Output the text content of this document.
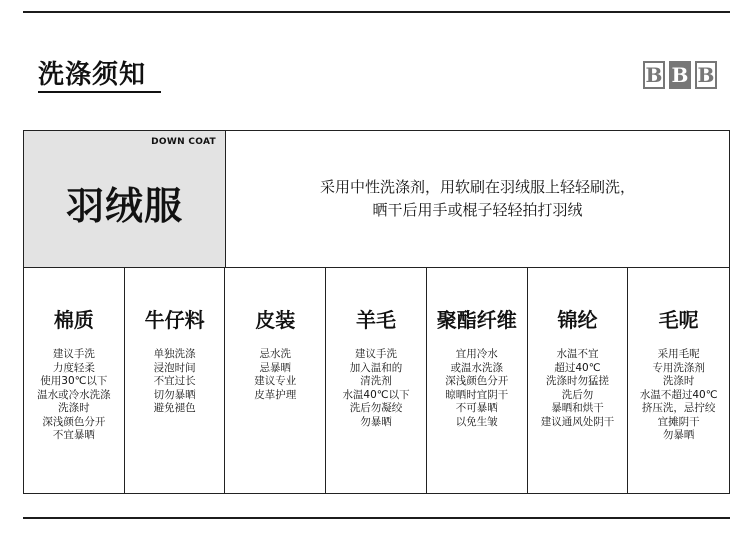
洗涤须知	B B B
DOWN COAT
羽绒服	采用中性洗涤剂，用软刷在羽绒服上轻轻刷洗，
晒干后用手或棍子轻轻拍打羽绒
棉质
建议手洗
力度轻柔
使用30℃以下
温水或冷水洗涤
洗涤时
深浅颜色分开
不宜暴晒
牛仔料
单独洗涤
浸泡时间
不宜过长
切勿暴晒
避免褪色
皮装
忌水洗
忌暴晒
建议专业
皮革护理
羊毛
建议手洗
加入温和的
清洗剂
水温40℃以下
洗后勿凝绞
勿暴晒
聚酯纤维
宜用冷水
或温水洗涤
深浅颜色分开
晾晒时宜阴干
不可暴晒
以免生皱
锦纶
水温不宜
超过40℃
洗涤时勿猛搓
洗后勿
暴晒和烘干
建议通风处阴干
毛呢
采用毛呢
专用洗涤剂
洗涤时
水温不超过40℃
挤压洗，忌拧绞
宜摊阴干
勿暴晒
